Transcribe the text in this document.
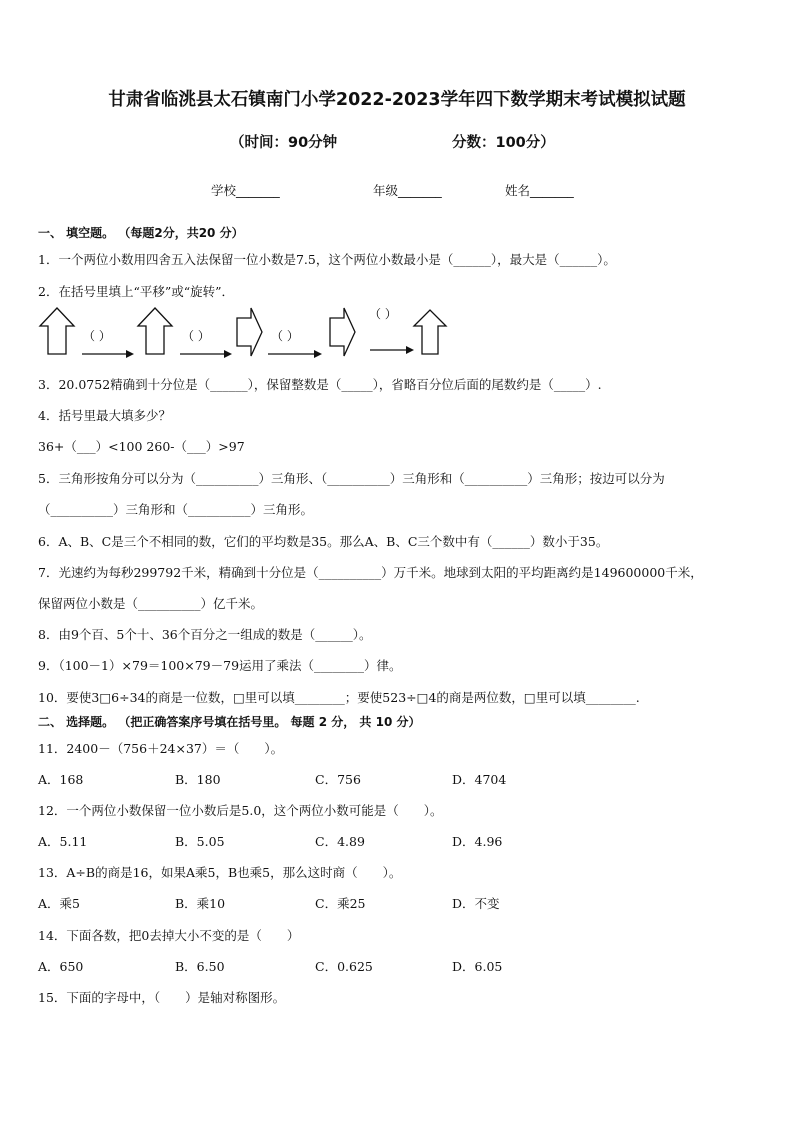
甘肃省临洮县太石镇南门小学2022-2023学年四下数学期末考试模拟试题
（时间：90分钟	分数：100分）
学校_______	年级_______	姓名_______
一、 填空题。 （每题2分，共20 分）
1．一个两位小数用四舍五入法保留一位小数是7.5，这个两位小数最小是（______），最大是（______）。
2．在括号里填上“平移”或“旋转”．
（ ）	（ ）	（ ）
（ ）
3．20.0752精确到十分位是（______），保留整数是（_____），省略百分位后面的尾数约是（_____）.
4．括号里最大填多少？
36+（___）<100 260-（___）>97
5．三角形按角分可以分为（__________）三角形、（__________）三角形和（__________）三角形；按边可以分为
（__________）三角形和（__________）三角形。
6．A、B、C是三个不相同的数，它们的平均数是35。那么A、B、C三个数中有（______）数小于35。
7．光速约为每秒299792千米，精确到十分位是（__________）万千米。地球到太阳的平均距离约是149600000千米，
保留两位小数是（__________）亿千米。
8．由9个百、5个十、36个百分之一组成的数是（______）。
9．（100－1）×79＝100×79－79运用了乘法（________）律。
10．要使3□6÷34的商是一位数，□里可以填________；要使523÷□4的商是两位数，□里可以填________.
二、 选择题。 （把正确答案序号填在括号里。 每题 2 分， 共 10 分）
11．2400－（756＋24×37）＝（　　）。
A．168	B．180	C．756	D．4704
12．一个两位小数保留一位小数后是5.0，这个两位小数可能是（　　）。
A．5.11	B．5.05	C．4.89	D．4.96
13．A÷B的商是16，如果A乘5，B也乘5，那么这时商（　　）。
A．乘5	B．乘10	C．乘25	D．不变
14．下面各数，把0去掉大小不变的是（　　）
A．650	B．6.50	C．0.625	D．6.05
15．下面的字母中，（　　）是轴对称图形。
